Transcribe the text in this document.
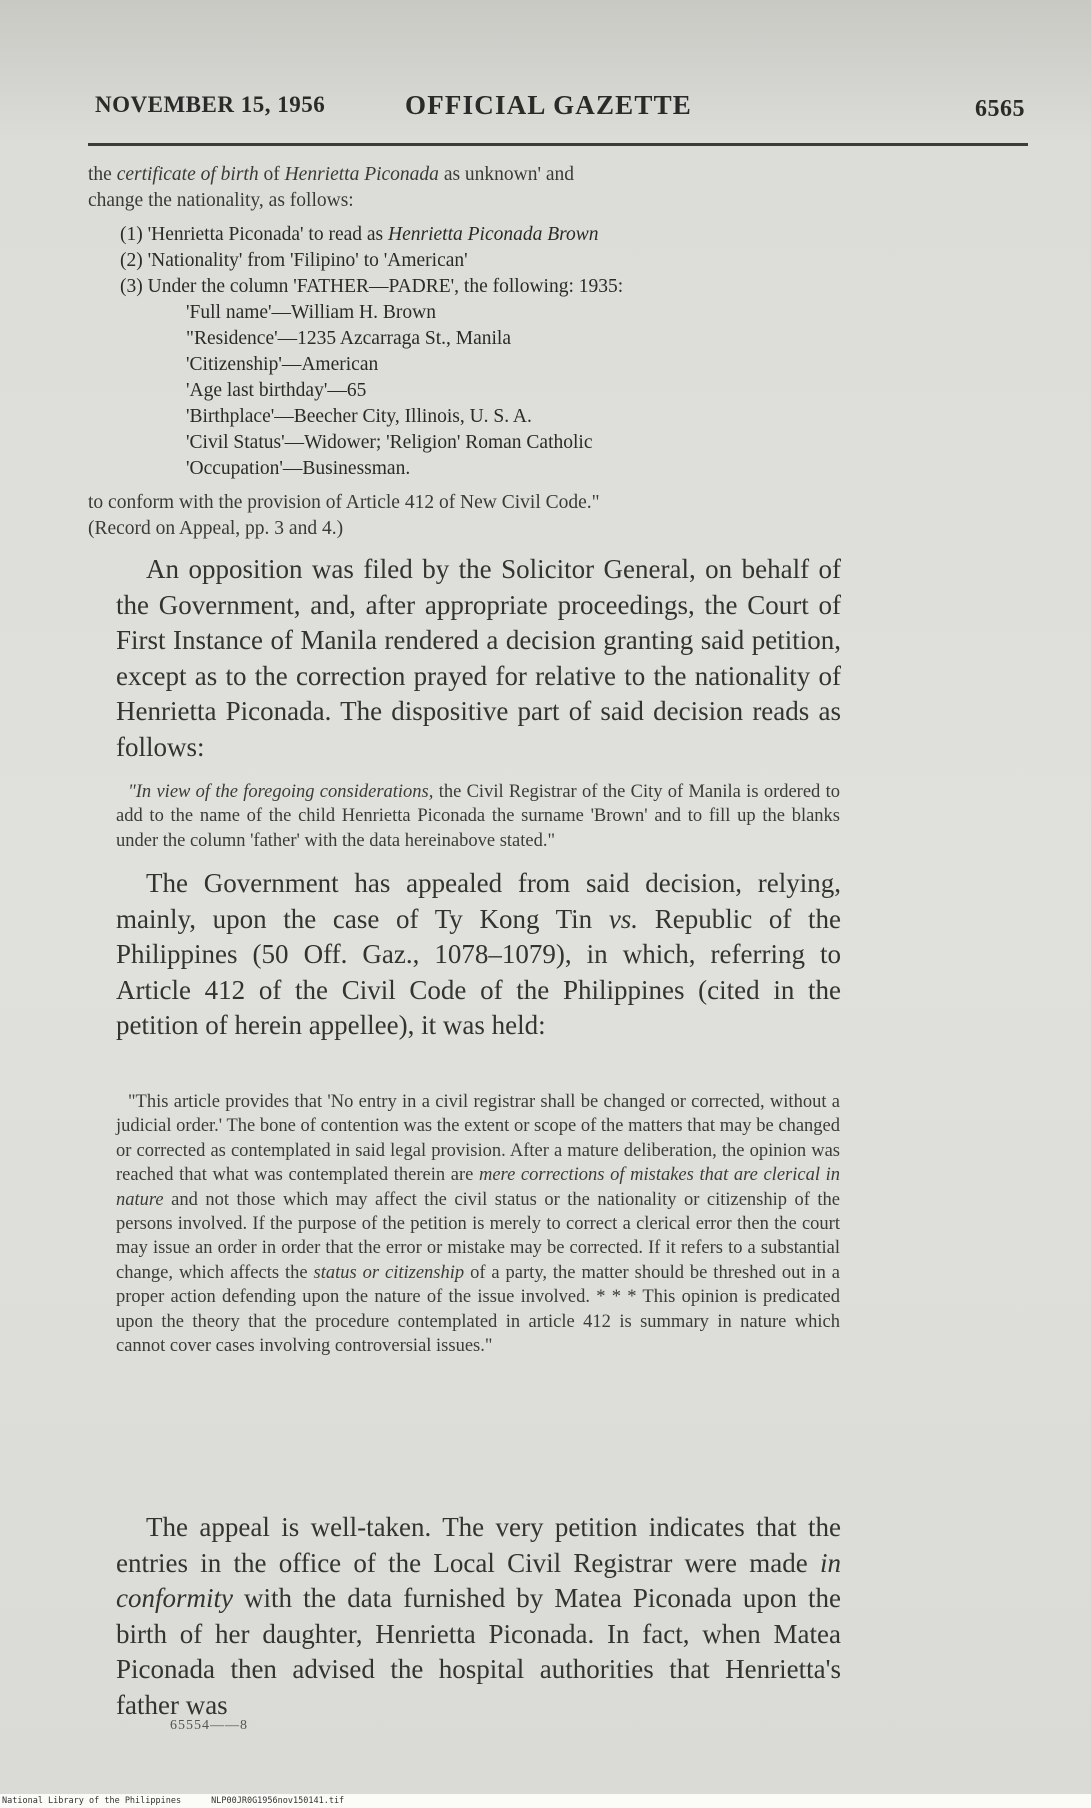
NOVEMBER 15, 1956	OFFICIAL GAZETTE	6565
the certificate of birth of Henrietta Piconada as unknown' and
change the nationality, as follows:
(1) 'Henrietta Piconada' to read as Henrietta Piconada Brown
(2) 'Nationality' from 'Filipino' to 'American'
(3) Under the column 'FATHER—PADRE', the following: 1935:
'Full name'—William H. Brown
"Residence'—1235 Azcarraga St., Manila
'Citizenship'—American
'Age last birthday'—65
'Birthplace'—Beecher City, Illinois, U. S. A.
'Civil Status'—Widower; 'Religion' Roman Catholic
'Occupation'—Businessman.
to conform with the provision of Article 412 of New Civil Code."
(Record on Appeal, pp. 3 and 4.)

An opposition was filed by the Solicitor General, on behalf of the Government, and, after appropriate proceedings, the Court of First Instance of Manila rendered a decision granting said petition, except as to the correction prayed for relative to the nationality of Henrietta Piconada. The dispositive part of said decision reads as follows:

"In view of the foregoing considerations, the Civil Registrar of the City of Manila is ordered to add to the name of the child Henrietta Piconada the surname 'Brown' and to fill up the blanks under the column 'father' with the data hereinabove stated."

The Government has appealed from said decision, relying, mainly, upon the case of Ty Kong Tin vs. Republic of the Philippines (50 Off. Gaz., 1078–1079), in which, referring to Article 412 of the Civil Code of the Philippines (cited in the petition of herein appellee), it was held:

"This article provides that 'No entry in a civil registrar shall be changed or corrected, without a judicial order.' The bone of contention was the extent or scope of the matters that may be changed or corrected as contemplated in said legal provision. After a mature deliberation, the opinion was reached that what was contemplated therein are mere corrections of mistakes that are clerical in nature and not those which may affect the civil status or the nationality or citizenship of the persons involved. If the purpose of the petition is merely to correct a clerical error then the court may issue an order in order that the error or mistake may be corrected. If it refers to a substantial change, which affects the status or citizenship of a party, the matter should be threshed out in a proper action defending upon the nature of the issue involved. * * * This opinion is predicated upon the theory that the procedure contemplated in article 412 is summary in nature which cannot cover cases involving controversial issues."

The appeal is well-taken. The very petition indicates that the entries in the office of the Local Civil Registrar were made in conformity with the data furnished by Matea Piconada upon the birth of her daughter, Henrietta Piconada. In fact, when Matea Piconada then advised the hospital authorities that Henrietta's father was

65554——8
National Library of the Philippines	NLP00JR0G1956nov150141.tif
